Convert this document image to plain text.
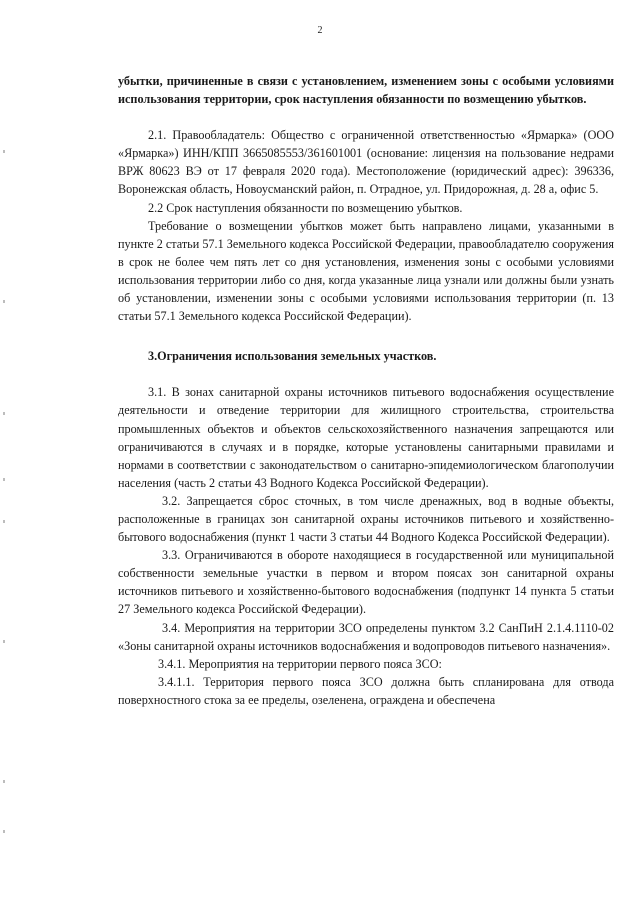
2

убытки, причиненные в связи с установлением, изменением зоны с особыми условиями использования территории, срок наступления обязанности по возмещению убытков.

2.1. Правообладатель: Общество с ограниченной ответственностью «Ярмарка» (ООО «Ярмарка») ИНН/КПП 3665085553/361601001 (основание: лицензия на пользование недрами ВРЖ 80623 ВЭ от 17 февраля 2020 года). Местоположение (юридический адрес): 396336, Воронежская область, Новоусманский район, п. Отрадное, ул. Придорожная, д. 28 а, офис 5.

2.2 Срок наступления обязанности по возмещению убытков.

Требование о возмещении убытков может быть направлено лицами, указанными в пункте 2 статьи 57.1 Земельного кодекса Российской Федерации, правообладателю сооружения в срок не более чем пять лет со дня установления, изменения зоны с особыми условиями использования территории либо со дня, когда указанные лица узнали или должны были узнать об установлении, изменении зоны с особыми условиями использования территории (п. 13 статьи 57.1 Земельного кодекса Российской Федерации).

3.Ограничения использования земельных участков.

3.1. В зонах санитарной охраны источников питьевого водоснабжения осуществление деятельности и отведение территории для жилищного строительства, строительства промышленных объектов и объектов сельскохозяйственного назначения запрещаются или ограничиваются в случаях и в порядке, которые установлены санитарными правилами и нормами в соответствии с законодательством о санитарно-эпидемиологическом благополучии населения (часть 2 статьи 43 Водного Кодекса Российской Федерации).

3.2. Запрещается сброс сточных, в том числе дренажных, вод в водные объекты, расположенные в границах зон санитарной охраны источников питьевого и хозяйственно-бытового водоснабжения (пункт 1 части 3 статьи 44 Водного Кодекса Российской Федерации).

3.3. Ограничиваются в обороте находящиеся в государственной или муниципальной собственности земельные участки в первом и втором поясах зон санитарной охраны источников питьевого и хозяйственно-бытового водоснабжения (подпункт 14 пункта 5 статьи 27 Земельного кодекса Российской Федерации).

3.4. Мероприятия на территории ЗСО определены пунктом 3.2 СанПиН 2.1.4.1110-02 «Зоны санитарной охраны источников водоснабжения и водопроводов питьевого назначения».

3.4.1. Мероприятия на территории первого пояса ЗСО:

3.4.1.1. Территория первого пояса ЗСО должна быть спланирована для отвода поверхностного стока за ее пределы, озеленена, ограждена и обеспечена
